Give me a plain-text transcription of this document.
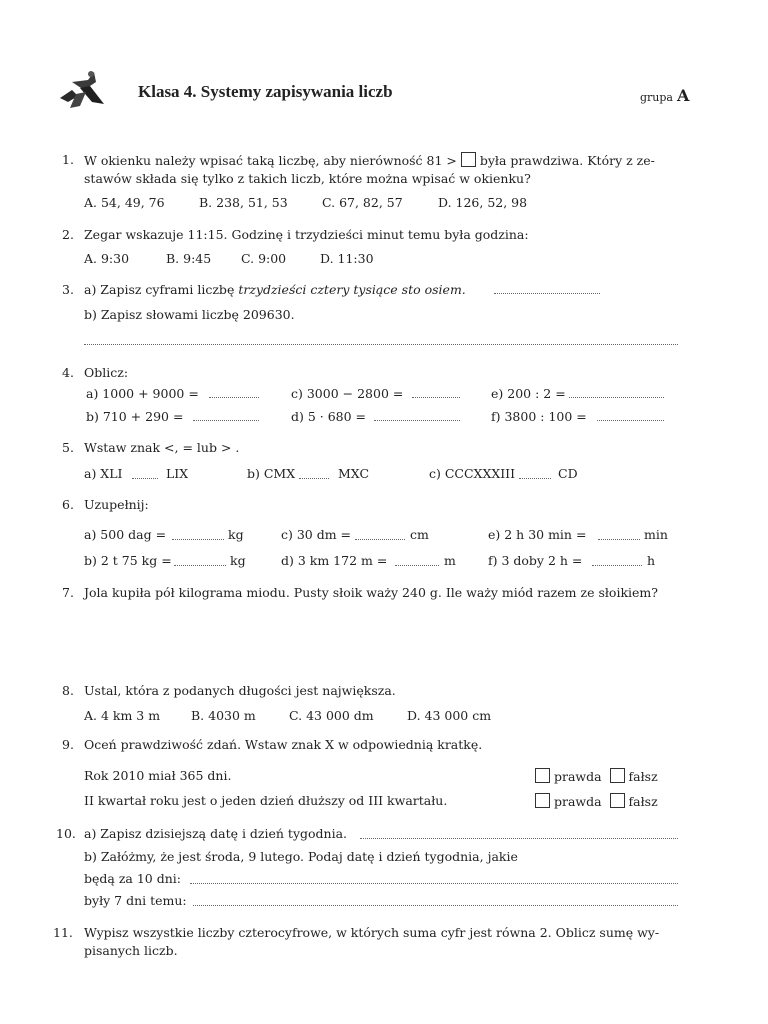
Klasa 4. Systemy zapisywania liczb	grupa A
1. W okienku należy wpisać taką liczbę, aby nierówność 81 > była prawdziwa. Który z ze-
stawów składa się tylko z takich liczb, które można wpisać w okienku?
A. 54, 49, 76	B. 238, 51, 53	C. 67, 82, 57	D. 126, 52, 98
2. Zegar wskazuje 11:15. Godzinę i trzydzieści minut temu była godzina:
A. 9:30	B. 9:45 C. 9:00	D. 11:30
3. a) Zapisz cyframi liczbę trzydzieści cztery tysiące sto osiem.
b) Zapisz słowami liczbę 209630.
4. Oblicz:
a) 1000 + 9000 =	c) 3000 − 2800 =	e) 200 : 2 =
b) 710 + 290 =	d) 5 · 680 =	f) 3800 : 100 =
5. Wstaw znak <, = lub > .
a) XLI	LIX	b) CMX	MXC	c) CCCXXXIII	CD
6. Uzupełnij:
a) 500 dag =	kg	c) 30 dm =	cm	e) 2 h 30 min =	min
b) 2 t 75 kg =	kg	d) 3 km 172 m =	m	f) 3 doby 2 h =	h
7. Jola kupiła pół kilograma miodu. Pusty słoik waży 240 g. Ile waży miód razem ze słoikiem?
8. Ustal, która z podanych długości jest największa.
A. 4 km 3 m B. 4030 m	C. 43 000 dm	D. 43 000 cm
9. Oceń prawdziwość zdań. Wstaw znak X w odpowiednią kratkę.
Rok 2010 miał 365 dni.	prawda fałsz
II kwartał roku jest o jeden dzień dłuższy od III kwartału.	prawda fałsz
10. a) Zapisz dzisiejszą datę i dzień tygodnia.
b) Załóżmy, że jest środa, 9 lutego. Podaj datę i dzień tygodnia, jakie
będą za 10 dni:
były 7 dni temu:
11. Wypisz wszystkie liczby czterocyfrowe, w których suma cyfr jest równa 2. Oblicz sumę wy-
pisanych liczb.
